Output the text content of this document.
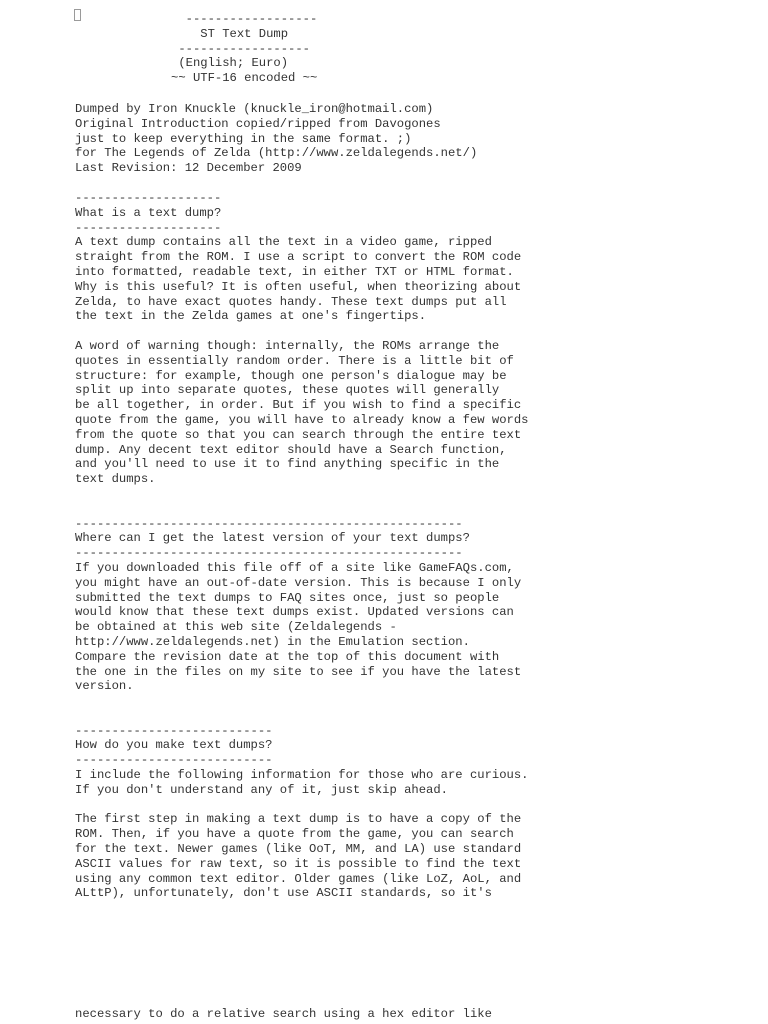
------------------
ST Text Dump
------------------
(English; Euro)
~~ UTF-16 encoded ~~
Dumped by Iron Knuckle (knuckle_iron@hotmail.com)
Original Introduction copied/ripped from Davogones
just to keep everything in the same format. ;)
for The Legends of Zelda (http://www.zeldalegends.net/)
Last Revision: 12 December 2009
--------------------
What is a text dump?
--------------------
A text dump contains all the text in a video game, ripped
straight from the ROM. I use a script to convert the ROM code
into formatted, readable text, in either TXT or HTML format.
Why is this useful? It is often useful, when theorizing about
Zelda, to have exact quotes handy. These text dumps put all
the text in the Zelda games at one's fingertips.

A word of warning though: internally, the ROMs arrange the
quotes in essentially random order. There is a little bit of
structure: for example, though one person's dialogue may be
split up into separate quotes, these quotes will generally
be all together, in order. But if you wish to find a specific
quote from the game, you will have to already know a few words
from the quote so that you can search through the entire text
dump. Any decent text editor should have a Search function,
and you'll need to use it to find anything specific in the
text dumps.

-----------------------------------------------------
Where can I get the latest version of your text dumps?
-----------------------------------------------------
If you downloaded this file off of a site like GameFAQs.com,
you might have an out-of-date version. This is because I only
submitted the text dumps to FAQ sites once, just so people
would know that these text dumps exist. Updated versions can
be obtained at this web site (Zeldalegends -
http://www.zeldalegends.net) in the Emulation section.
Compare the revision date at the top of this document with
the one in the files on my site to see if you have the latest
version.

---------------------------
How do you make text dumps?
---------------------------
I include the following information for those who are curious.
If you don't understand any of it, just skip ahead.

The first step in making a text dump is to have a copy of the
ROM. Then, if you have a quote from the game, you can search
for the text. Newer games (like OoT, MM, and LA) use standard
ASCII values for raw text, so it is possible to find the text
using any common text editor. Older games (like LoZ, AoL, and
ALttP), unfortunately, don't use ASCII standards, so it's
necessary to do a relative search using a hex editor like
